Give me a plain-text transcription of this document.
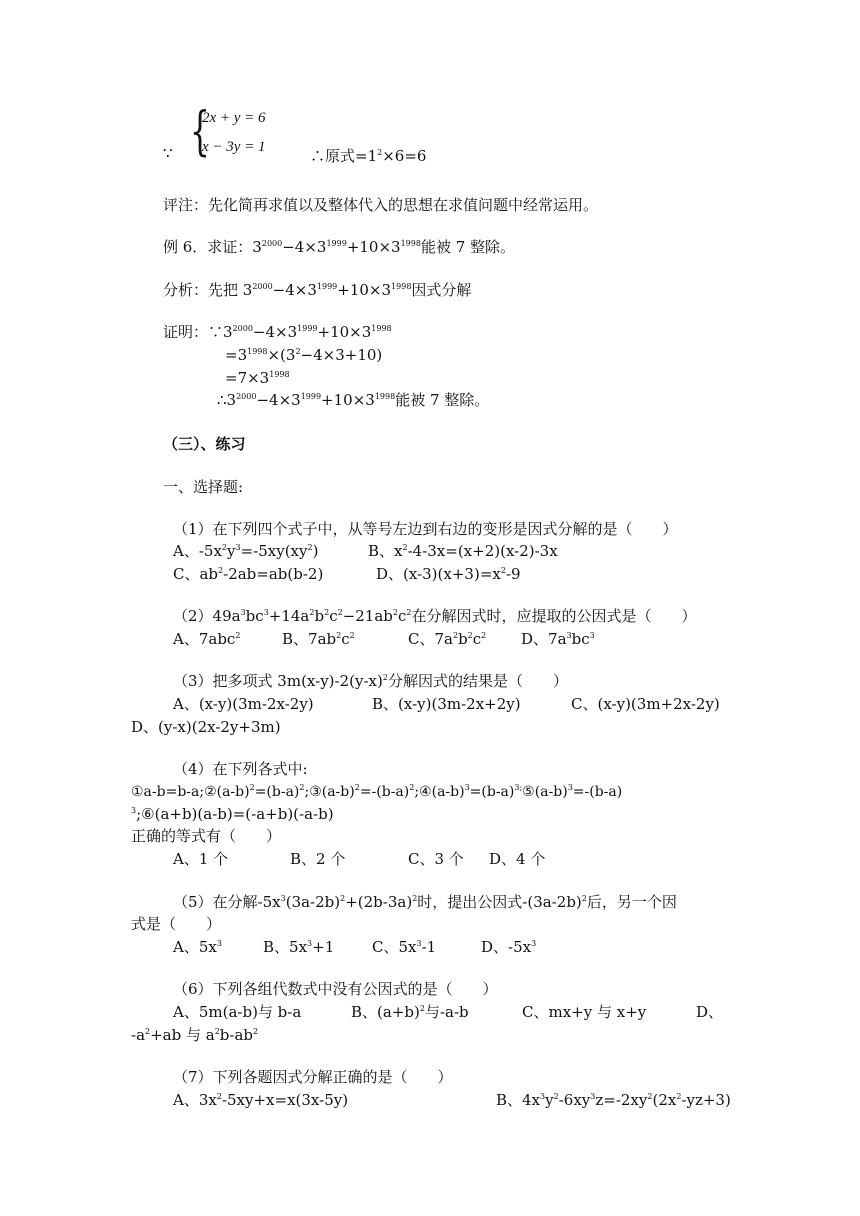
∵ {
2x + y = 6
x − 3y = 1	∴原式$=1^2\times 6=6$
评注：先化简再求值以及整体代入的思想在求值问题中经常运用。
例 6．求证：$3^{2000}-4\times 3^{1999}+10\times 3^{1998}$能被 7 整除。
分析：先把 $3^{2000}-4\times 3^{1999}+10\times 3^{1998}$因式分解
证明：$\because 3^{2000}-4\times 3^{1999}+10\times 3^{1998}$
$=3^{1998}\times(3^2-4\times 3+10)$
$=7\times 3^{1998}$
$\therefore 3^{2000}-4\times 3^{1999}+10\times 3^{1998}$能被 7 整除。
（三）、练习
一、选择题:
（1）在下列四个式子中，从等号左边到右边的变形是因式分解的是（　　）
A、$-5x^2y^3=-5xy(xy^2)$	B、$x^2-4-3x=(x+2)(x-2)-3x$
C、$ab^2-2ab=ab(b-2)$	D、$(x-3)(x+3)=x^2-9$
$(2)49a^3bc^3+14a^2b^2c^2-21ab^2c^2$在分解因式时，应提取的公因式是（　　）
A、7abc$^2$	B、$7ab^2c^2$	C、$7a^2b^2c^2$ D、$7a^3bc^3$
（3）把多项式 $3m(x-y)-2(y-x)^2$分解因式的结果是（　　）
A、(x-y)(3m-2x-2y)	B、(x-y)(3m-2x+2y)	C、(x-y)(3m+2x-2y)
D、(y-x)(2x-2y+3m)
（4）在下列各式中:
$①a-b=b-a;②(a-b)^2=(b-a)^2;③(a-b)^2=-(b-a)^2;④(a-b)^3=(b-a)^{3;}⑤(a-b)^3=-(b-a)$
$^3$;⑥(a+b)(a-b)=(-a+b)(-a-b)
正确的等式有（　　）
A、1 个	B、2 个	C、3 个 D、4 个
（5）在分解$-5x^3(3a-2b)^2+(2b-3a)^2$时，提出公因式$-(3a-2b)^2$后，另一个因
式是（　　）
A、$5x^3$	B、$5x^3+1$	C、$5x^3-1$	D、$-5x^3$
（6）下列各组代数式中没有公因式的是（　　）
A、5m(a-b)与 b-a	B、$(a+b)^2$与-a-b	C、mx+y 与 x+y	D、
$-a^2+ab$ 与 $a^2b-ab^2$
（7）下列各题因式分解正确的是（　　）
A、$3x^2-5xy+x=x(3x-5y)$	B、$4x^3y^2-6xy^3z=-2xy^2(2x^2-yz+3)$
